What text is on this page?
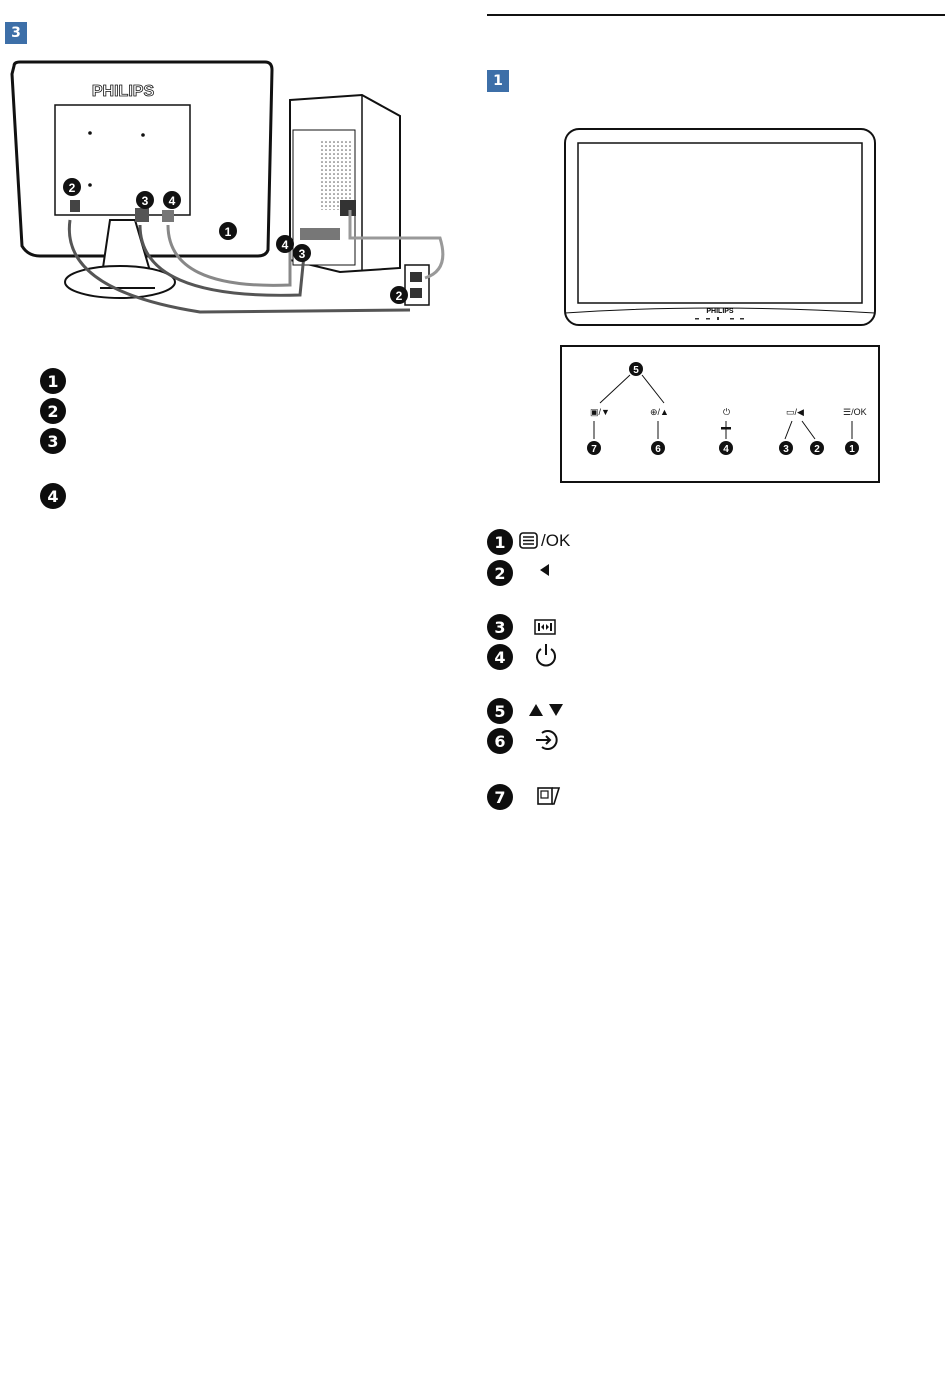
3
PHILIPS
2
3 4
1
4
3
2
1
2
3
4
1
PHILIPS
5
▣/▼	⊕/▲	⏻	▭/◀	☰/OK
7	6	4	3	2	1
1	/OK
2
3
4
5
6
7
